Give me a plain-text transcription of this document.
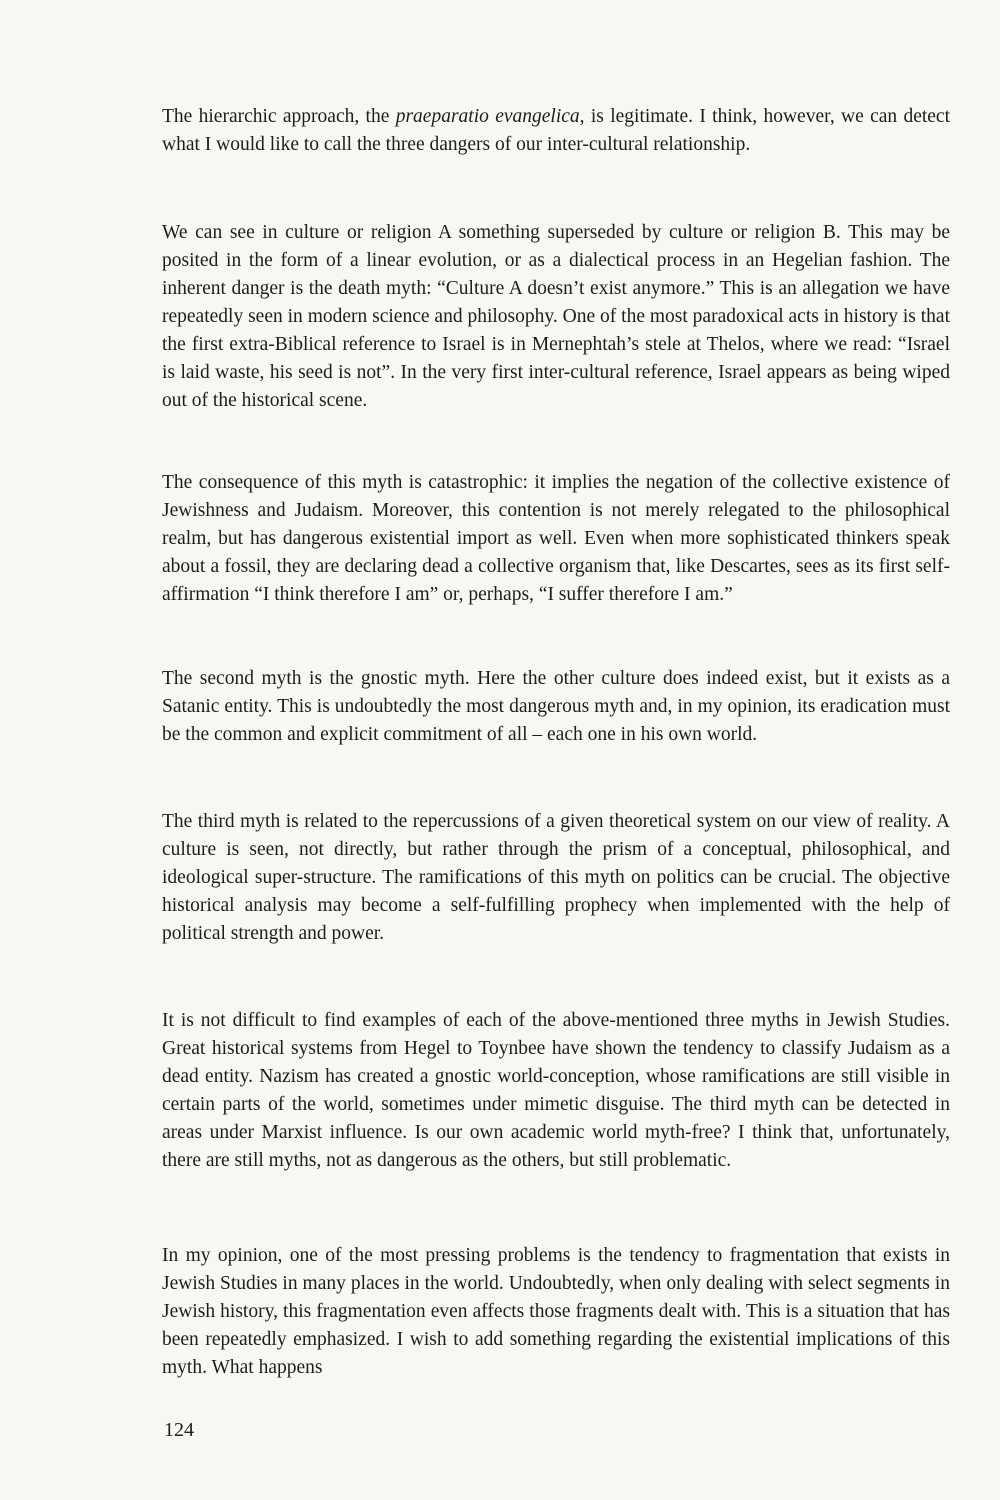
The hierarchic approach, the praeparatio evangelica, is legitimate. I think, however, we can detect what I would like to call the three dangers of our inter-cultural relationship.

We can see in culture or religion A something superseded by culture or religion B. This may be posited in the form of a linear evolution, or as a dialectical process in an Hegelian fashion. The inherent danger is the death myth: “Culture A doesn’t exist anymore.” This is an allegation we have repeatedly seen in modern science and philosophy. One of the most paradoxical acts in history is that the first extra-Biblical reference to Israel is in Mernephtah’s stele at Thelos, where we read: “Israel is laid waste, his seed is not”. In the very first inter-cultural reference, Israel appears as being wiped out of the historical scene.

The consequence of this myth is catastrophic: it implies the negation of the collective existence of Jewishness and Judaism. Moreover, this contention is not merely relegated to the philosophical realm, but has dangerous existential import as well. Even when more sophisticated thinkers speak about a fossil, they are declaring dead a collective organism that, like Descartes, sees as its first self-affirmation “I think therefore I am” or, perhaps, “I suffer therefore I am.”

The second myth is the gnostic myth. Here the other culture does indeed exist, but it exists as a Satanic entity. This is undoubtedly the most dangerous myth and, in my opinion, its eradication must be the common and explicit commitment of all – each one in his own world.

The third myth is related to the repercussions of a given theoretical system on our view of reality. A culture is seen, not directly, but rather through the prism of a conceptual, philosophical, and ideological super-structure. The ramifications of this myth on politics can be crucial. The objective historical analysis may become a self-fulfilling prophecy when implemented with the help of political strength and power.

It is not difficult to find examples of each of the above-mentioned three myths in Jewish Studies. Great historical systems from Hegel to Toynbee have shown the tendency to classify Judaism as a dead entity. Nazism has created a gnostic world-conception, whose ramifications are still visible in certain parts of the world, sometimes under mimetic disguise. The third myth can be detected in areas under Marxist influence. Is our own academic world myth-free? I think that, unfortunately, there are still myths, not as dangerous as the others, but still problematic.

In my opinion, one of the most pressing problems is the tendency to fragmentation that exists in Jewish Studies in many places in the world. Undoubtedly, when only dealing with select segments in Jewish history, this fragmentation even affects those fragments dealt with. This is a situation that has been repeatedly emphasized. I wish to add something regarding the existential implications of this myth. What happens

124
